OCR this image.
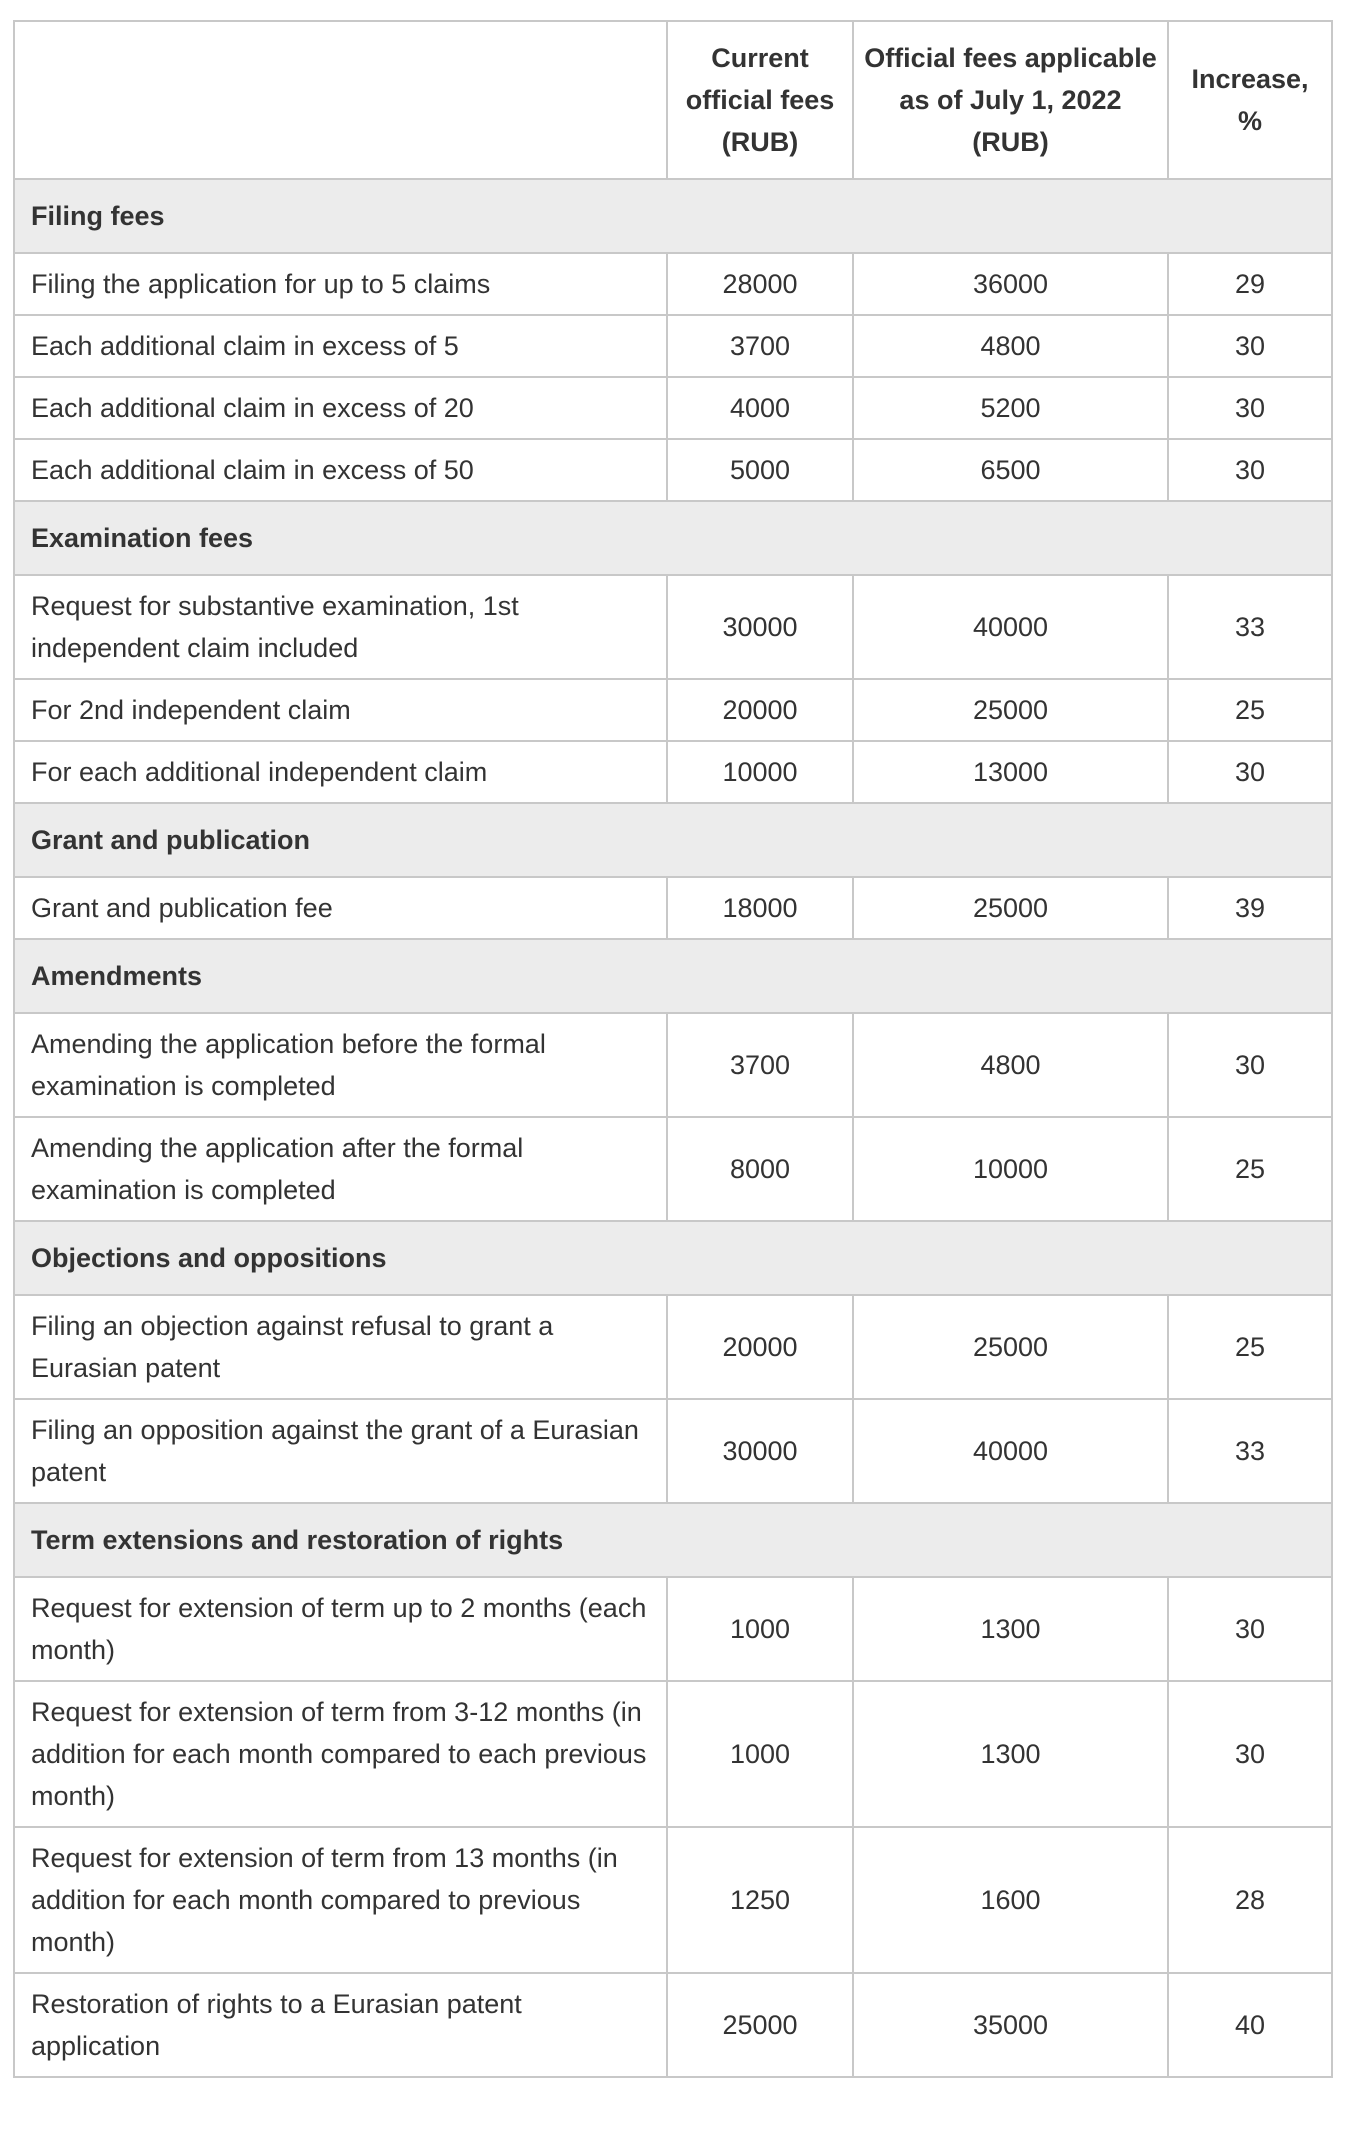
	Current official fees (RUB)	Official fees applicable as of July 1, 2022 (RUB)	Increase, %
Filing fees			
Filing the application for up to 5 claims	28000	36000	29
Each additional claim in excess of 5	3700	4800	30
Each additional claim in excess of 20	4000	5200	30
Each additional claim in excess of 50	5000	6500	30
Examination fees			
Request for substantive examination, 1st independent claim included	30000	40000	33
For 2nd independent claim	20000	25000	25
For each additional independent claim	10000	13000	30
Grant and publication			
Grant and publication fee	18000	25000	39
Amendments			
Amending the application before the formal examination is completed	3700	4800	30
Amending the application after the formal examination is completed	8000	10000	25
Objections and oppositions			
Filing an objection against refusal to grant a Eurasian patent	20000	25000	25
Filing an opposition against the grant of a Eurasian patent	30000	40000	33
Term extensions and restoration of rights			
Request for extension of term up to 2 months (each month)	1000	1300	30
Request for extension of term from 3-12 months (in addition for each month compared to each previous month)	1000	1300	30
Request for extension of term from 13 months (in addition for each month compared to previous month)	1250	1600	28
Restoration of rights to a Eurasian patent application	25000	35000	40
